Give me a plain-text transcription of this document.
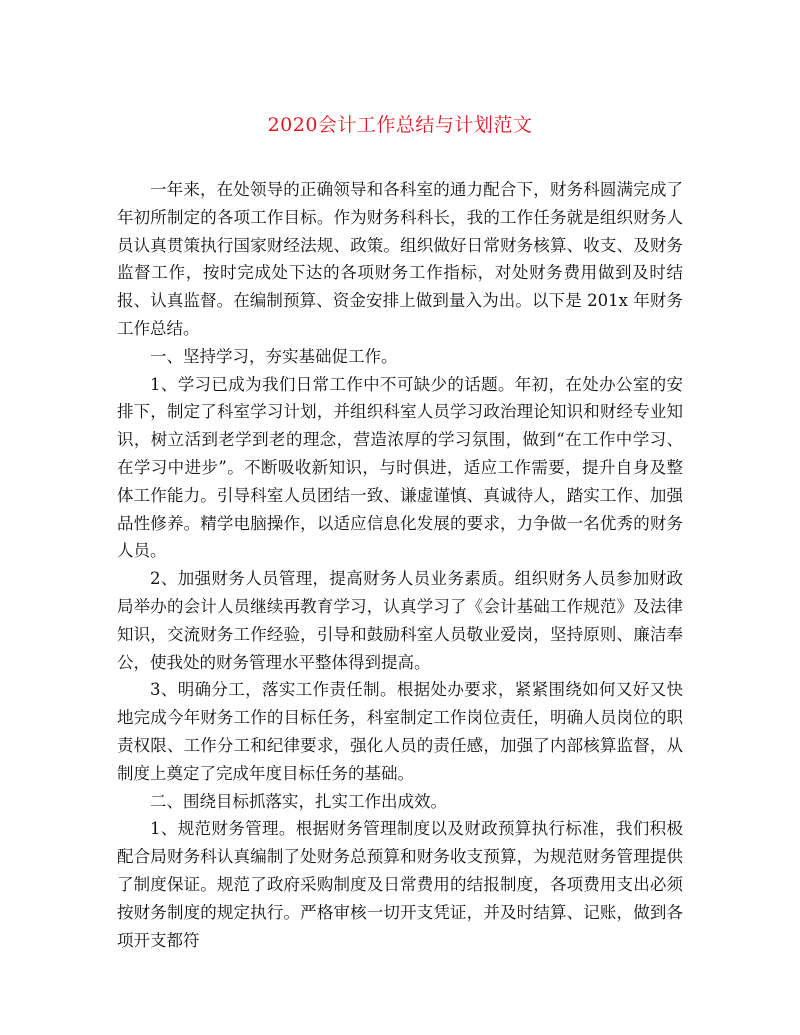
2020会计工作总结与计划范文

一年来，在处领导的正确领导和各科室的通力配合下，财务科圆满完成了年初所制定的各项工作目标。作为财务科科长，我的工作任务就是组织财务人员认真贯策执行国家财经法规、政策。组织做好日常财务核算、收支、及财务监督工作，按时完成处下达的各项财务工作指标，对处财务费用做到及时结报、认真监督。在编制预算、资金安排上做到量入为出。以下是 201x 年财务工作总结。

一、坚持学习，夯实基础促工作。

1、学习已成为我们日常工作中不可缺少的话题。年初，在处办公室的安排下，制定了科室学习计划，并组织科室人员学习政治理论知识和财经专业知识，树立活到老学到老的理念，营造浓厚的学习氛围，做到“在工作中学习、在学习中进步”。不断吸收新知识，与时俱进，适应工作需要，提升自身及整体工作能力。引导科室人员团结一致、谦虚谨慎、真诚待人，踏实工作、加强品性修养。精学电脑操作，以适应信息化发展的要求，力争做一名优秀的财务人员。

2、加强财务人员管理，提高财务人员业务素质。组织财务人员参加财政局举办的会计人员继续再教育学习，认真学习了《会计基础工作规范》及法律知识，交流财务工作经验，引导和鼓励科室人员敬业爱岗，坚持原则、廉洁奉公，使我处的财务管理水平整体得到提高。

3、明确分工，落实工作责任制。根据处办要求，紧紧围绕如何又好又快地完成今年财务工作的目标任务，科室制定工作岗位责任，明确人员岗位的职责权限、工作分工和纪律要求，强化人员的责任感，加强了内部核算监督，从制度上奠定了完成年度目标任务的基础。

二、围绕目标抓落实，扎实工作出成效。

1、规范财务管理。根据财务管理制度以及财政预算执行标准，我们积极配合局财务科认真编制了处财务总预算和财务收支预算，为规范财务管理提供了制度保证。规范了政府采购制度及日常费用的结报制度，各项费用支出必须按财务制度的规定执行。严格审核一切开支凭证，并及时结算、记账，做到各项开支都符
